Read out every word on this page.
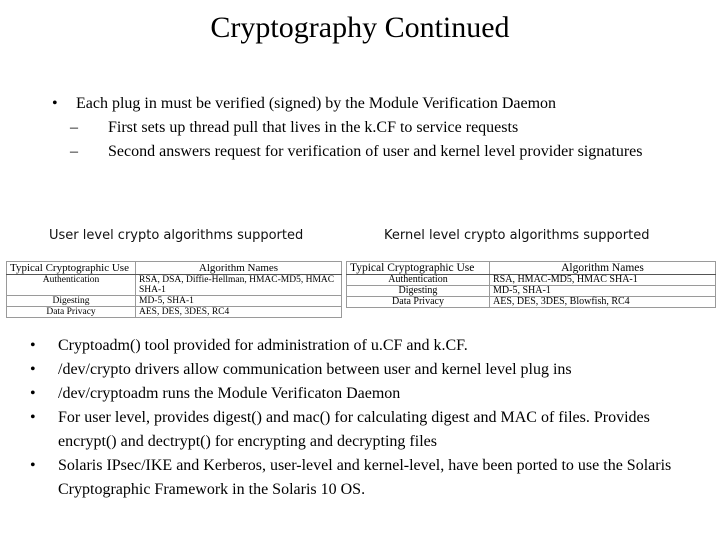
Cryptography Continued
• Each plug in must be verified (signed) by the Module Verification Daemon
– First sets up thread pull that lives in the k.CF to service requests
– Second answers request for verification of user and kernel level provider signatures
User level crypto algorithms supported	Kernel level crypto algorithms supported
Typical Cryptographic Use	Algorithm Names
Authentication	RSA, DSA, Diffie-Hellman, HMAC-MD5, HMAC SHA-1
Digesting	MD-5, SHA-1
Data Privacy	AES, DES, 3DES, RC4
Typical Cryptographic Use	Algorithm Names
Authentication	RSA, HMAC-MD5, HMAC SHA-1
Digesting	MD-5, SHA-1
Data Privacy	AES, DES, 3DES, Blowfish, RC4
• Cryptoadm() tool provided for administration of u.CF and k.CF.
• /dev/crypto drivers allow communication between user and kernel level plug ins
• /dev/cryptoadm runs the Module Verificaton Daemon
• For user level, provides digest() and mac() for calculating digest and MAC of files. Provides encrypt() and dectrypt() for encrypting and decrypting files
• Solaris IPsec/IKE and Kerberos, user-level and kernel-level, have been ported to use the Solaris Cryptographic Framework in the Solaris 10 OS.
